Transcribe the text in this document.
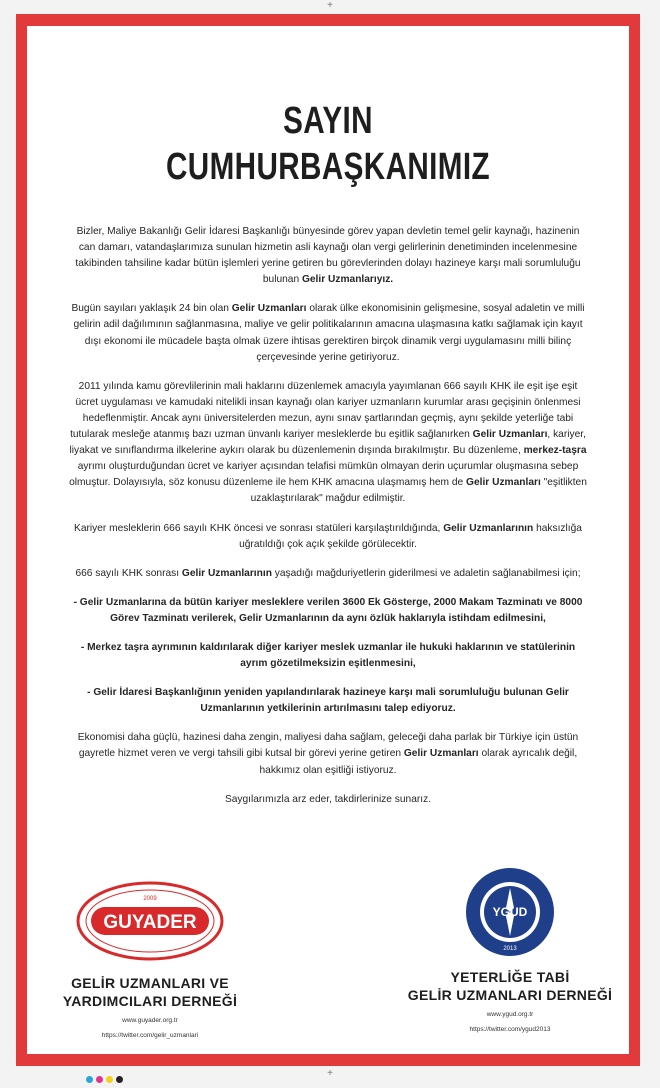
+
SAYIN CUMHURBAŞKANIMIZ

Bizler, Maliye Bakanlığı Gelir İdaresi Başkanlığı bünyesinde görev yapan devletin temel gelir kaynağı, hazinenin can damarı, vatandaşlarımıza sunulan hizmetin asli kaynağı olan vergi gelirlerinin denetiminden incelenmesine takibinden tahsiline kadar bütün işlemleri yerine getiren bu görevlerinden dolayı hazineye karşı mali sorumluluğu bulunan Gelir Uzmanlarıyız.

Bugün sayıları yaklaşık 24 bin olan Gelir Uzmanları olarak ülke ekonomisinin gelişmesine, sosyal adaletin ve milli gelirin adil dağılımının sağlanmasına, maliye ve gelir politikalarının amacına ulaşmasına katkı sağlamak için kayıt dışı ekonomi ile mücadele başta olmak üzere ihtisas gerektiren birçok dinamik vergi uygulamasını milli bilinç çerçevesinde yerine getiriyoruz.

2011 yılında kamu görevlilerinin mali haklarını düzenlemek amacıyla yayımlanan 666 sayılı KHK ile eşit işe eşit ücret uygulaması ve kamudaki nitelikli insan kaynağı olan kariyer uzmanların kurumlar arası geçişinin önlenmesi hedeflenmiştir. Ancak aynı üniversitelerden mezun, aynı sınav şartlarından geçmiş, aynı şekilde yeterliğe tabi tutularak mesleğe atanmış bazı uzman ünvanlı kariyer mesleklerde bu eşitlik sağlanırken Gelir Uzmanları, kariyer, liyakat ve sınıflandırma ilkelerine aykırı olarak bu düzenlemenin dışında bırakılmıştır. Bu düzenleme, merkez-taşra ayrımı oluşturduğundan ücret ve kariyer açısından telafisi mümkün olmayan derin uçurumlar oluşmasına sebep olmuştur. Dolayısıyla, söz konusu düzenleme ile hem KHK amacına ulaşmamış hem de Gelir Uzmanları "eşitlikten uzaklaştırılarak" mağdur edilmiştir.

Kariyer mesleklerin 666 sayılı KHK öncesi ve sonrası statüleri karşılaştırıldığında, Gelir Uzmanlarının haksızlığa uğratıldığı çok açık şekilde görülecektir.

666 sayılı KHK sonrası Gelir Uzmanlarının yaşadığı mağduriyetlerin giderilmesi ve adaletin sağlanabilmesi için;

- Gelir Uzmanlarına da bütün kariyer mesleklere verilen 3600 Ek Gösterge, 2000 Makam Tazminatı ve 8000 Görev Tazminatı verilerek, Gelir Uzmanlarının da aynı özlük haklarıyla istihdam edilmesini,

- Merkez taşra ayrımının kaldırılarak diğer kariyer meslek uzmanlar ile hukuki haklarının ve statülerinin ayrım gözetilmeksizin eşitlenmesini,

- Gelir İdaresi Başkanlığının yeniden yapılandırılarak hazineye karşı mali sorumluluğu bulunan Gelir Uzmanlarının yetkilerinin artırılmasını talep ediyoruz.

Ekonomisi daha güçlü, hazinesi daha zengin, maliyesi daha sağlam, geleceği daha parlak bir Türkiye için üstün gayretle hizmet veren ve vergi tahsili gibi kutsal bir görevi yerine getiren Gelir Uzmanları olarak ayrıcalık değil, hakkımız olan eşitliği istiyoruz.

Saygılarımızla arz eder, takdirlerinize sunarız.

GUYADER
2009
GELİR UZMANLARI VE
YARDIMCILARI DERNEĞİ
www.guyader.org.tr
https://twitter.com/gelir_uzmanlari
YGUD
2013
YETERLİĞE TABİ
GELİR UZMANLARI DERNEĞİ
www.ygud.org.tr
https://twitter.com/ygud2013
+
